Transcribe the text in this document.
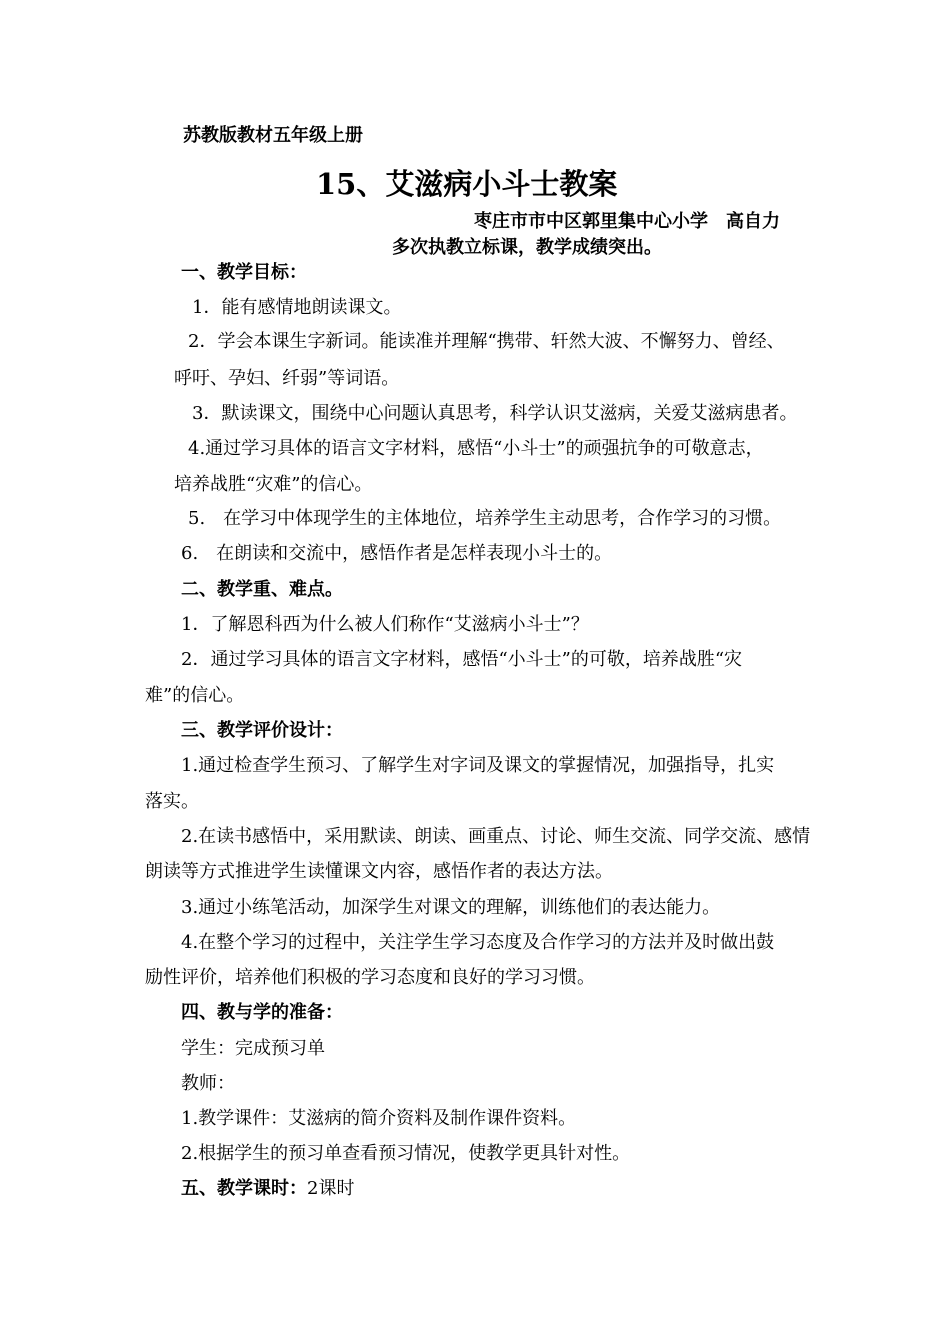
苏教版教材五年级上册
15、艾滋病小斗士教案
枣庄市市中区郭里集中心小学　高自力
多次执教立标课，教学成绩突出。
一、教学目标：
1．能有感情地朗读课文。
2．学会本课生字新词。能读准并理解“携带、轩然大波、不懈努力、曾经、
呼吁、孕妇、纤弱”等词语。
3．默读课文，围绕中心问题认真思考，科学认识艾滋病，关爱艾滋病患者。
4.通过学习具体的语言文字材料，感悟“小斗士”的顽强抗争的可敬意志，
培养战胜“灾难”的信心。
5.　在学习中体现学生的主体地位，培养学生主动思考，合作学习的习惯。
6.　在朗读和交流中，感悟作者是怎样表现小斗士的。
二、教学重、难点。
1．了解恩科西为什么被人们称作“艾滋病小斗士”？
2．通过学习具体的语言文字材料，感悟“小斗士”的可敬，培养战胜“灾
难”的信心。
三、教学评价设计：
1.通过检查学生预习、了解学生对字词及课文的掌握情况，加强指导，扎实
落实。
2.在读书感悟中，采用默读、朗读、画重点、讨论、师生交流、同学交流、感情
朗读等方式推进学生读懂课文内容，感悟作者的表达方法。
3.通过小练笔活动，加深学生对课文的理解，训练他们的表达能力。
4.在整个学习的过程中，关注学生学习态度及合作学习的方法并及时做出鼓
励性评价，培养他们积极的学习态度和良好的学习习惯。
四、教与学的准备：
学生：完成预习单
教师：
1.教学课件：艾滋病的简介资料及制作课件资料。
2.根据学生的预习单查看预习情况，使教学更具针对性。
五、教学课时：2课时
